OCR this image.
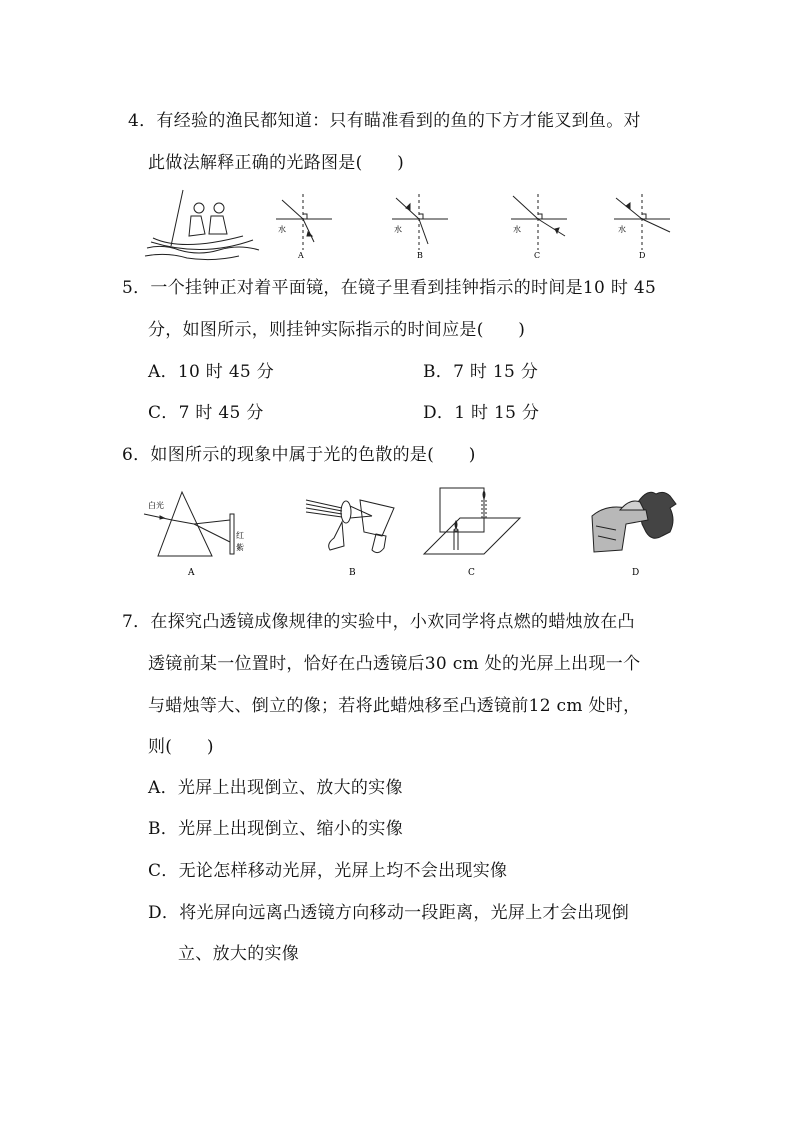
4．有经验的渔民都知道：只有瞄准看到的鱼的下方才能叉到鱼。对
此做法解释正确的光路图是(　　)
水
A
水
B
水
C
水
D
5．一个挂钟正对着平面镜，在镜子里看到挂钟指示的时间是10 时 45
分，如图所示，则挂钟实际指示的时间应是(　　)
A．10 时 45 分	B．7 时 15 分
C．7 时 45 分	D．1 时 15 分
6．如图所示的现象中属于光的色散的是(　　)
白光
红
紫
A	B	C	D
7．在探究凸透镜成像规律的实验中，小欢同学将点燃的蜡烛放在凸
透镜前某一位置时，恰好在凸透镜后30 cm 处的光屏上出现一个
与蜡烛等大、倒立的像；若将此蜡烛移至凸透镜前12 cm 处时，
则(　　)
A．光屏上出现倒立、放大的实像
B．光屏上出现倒立、缩小的实像
C．无论怎样移动光屏，光屏上均不会出现实像
D．将光屏向远离凸透镜方向移动一段距离，光屏上才会出现倒
立、放大的实像
